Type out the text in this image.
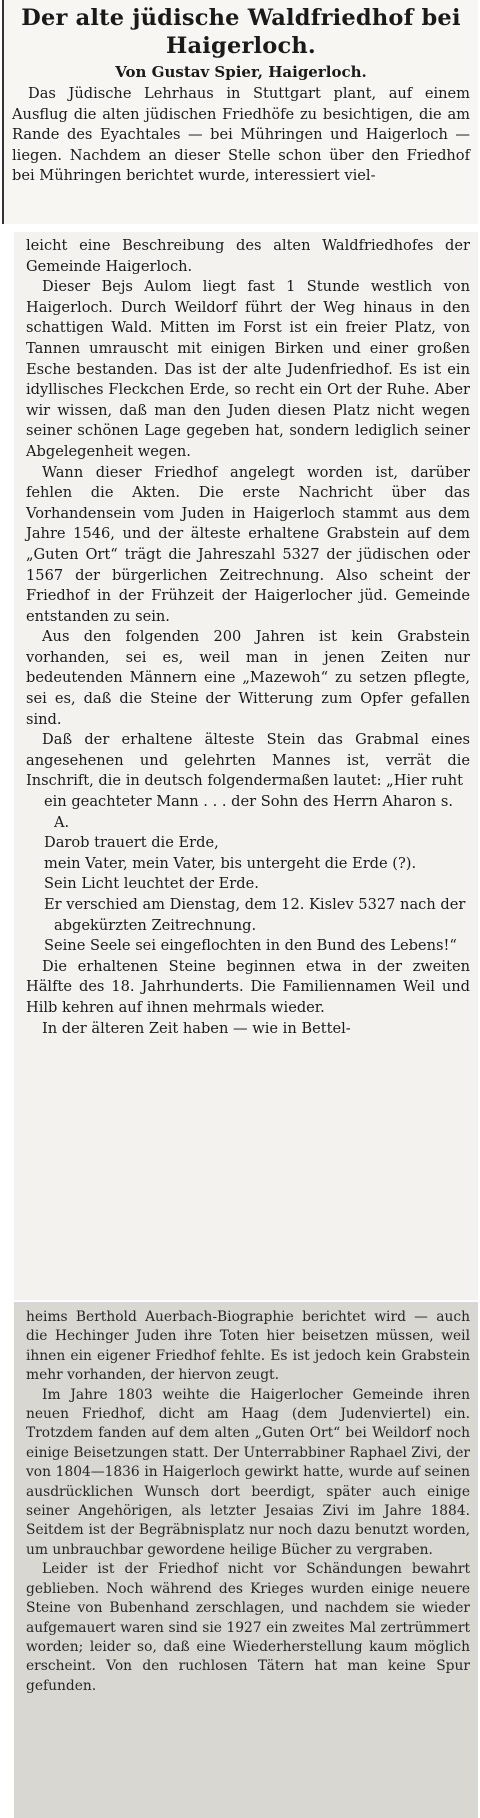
Der alte jüdische Waldfriedhof bei Haigerloch.
Von Gustav Spier, Haigerloch.

Das Jüdische Lehrhaus in Stuttgart plant, auf einem Ausflug die alten jüdischen Friedhöfe zu besichtigen, die am Rande des Eyachtales — bei Mühringen und Haigerloch — liegen. Nachdem an dieser Stelle schon über den Friedhof bei Mühringen berichtet wurde, interessiert viel-

leicht eine Beschreibung des alten Waldfriedhofes der Gemeinde Haigerloch.

Dieser Bejs Aulom liegt fast 1 Stunde westlich von Haigerloch. Durch Weildorf führt der Weg hinaus in den schattigen Wald. Mitten im Forst ist ein freier Platz, von Tannen umrauscht mit einigen Birken und einer großen Esche bestanden. Das ist der alte Judenfriedhof. Es ist ein idyllisches Fleckchen Erde, so recht ein Ort der Ruhe. Aber wir wissen, daß man den Juden diesen Platz nicht wegen seiner schönen Lage gegeben hat, sondern lediglich seiner Abgelegenheit wegen.

Wann dieser Friedhof angelegt worden ist, darüber fehlen die Akten. Die erste Nachricht über das Vorhandensein vom Juden in Haigerloch stammt aus dem Jahre 1546, und der älteste erhaltene Grabstein auf dem „Guten Ort“ trägt die Jahreszahl 5327 der jüdischen oder 1567 der bürgerlichen Zeitrechnung. Also scheint der Friedhof in der Frühzeit der Haigerlocher jüd. Gemeinde entstanden zu sein.

Aus den folgenden 200 Jahren ist kein Grabstein vorhanden, sei es, weil man in jenen Zeiten nur bedeutenden Männern eine „Mazewoh“ zu setzen pflegte, sei es, daß die Steine der Witterung zum Opfer gefallen sind.

Daß der erhaltene älteste Stein das Grabmal eines angesehenen und gelehrten Mannes ist, verrät die Inschrift, die in deutsch folgendermaßen lautet: „Hier ruht

ein geachteter Mann . . . der Sohn des Herrn Aharon s. A.
Darob trauert die Erde,
mein Vater, mein Vater, bis untergeht die Erde (?).
Sein Licht leuchtet der Erde.
Er verschied am Dienstag, dem 12. Kislev 5327 nach der abgekürzten Zeitrechnung.
Seine Seele sei eingeflochten in den Bund des Lebens!“

Die erhaltenen Steine beginnen etwa in der zweiten Hälfte des 18. Jahrhunderts. Die Familiennamen Weil und Hilb kehren auf ihnen mehrmals wieder.

In der älteren Zeit haben — wie in Bettel-

heims Berthold Auerbach-Biographie berichtet wird — auch die Hechinger Juden ihre Toten hier beisetzen müssen, weil ihnen ein eigener Friedhof fehlte. Es ist jedoch kein Grabstein mehr vorhanden, der hiervon zeugt.

Im Jahre 1803 weihte die Haigerlocher Gemeinde ihren neuen Friedhof, dicht am Haag (dem Judenviertel) ein. Trotzdem fanden auf dem alten „Guten Ort“ bei Weildorf noch einige Beisetzungen statt. Der Unterrabbiner Raphael Zivi, der von 1804—1836 in Haigerloch gewirkt hatte, wurde auf seinen ausdrücklichen Wunsch dort beerdigt, später auch einige seiner Angehörigen, als letzter Jesaias Zivi im Jahre 1884. Seitdem ist der Begräbnisplatz nur noch dazu benutzt worden, um unbrauchbar gewordene heilige Bücher zu vergraben.

Leider ist der Friedhof nicht vor Schändungen bewahrt geblieben. Noch während des Krieges wurden einige neuere Steine von Bubenhand zerschlagen, und nachdem sie wieder aufgemauert waren sind sie 1927 ein zweites Mal zertrümmert worden; leider so, daß eine Wiederherstellung kaum möglich erscheint. Von den ruchlosen Tätern hat man keine Spur gefunden.
